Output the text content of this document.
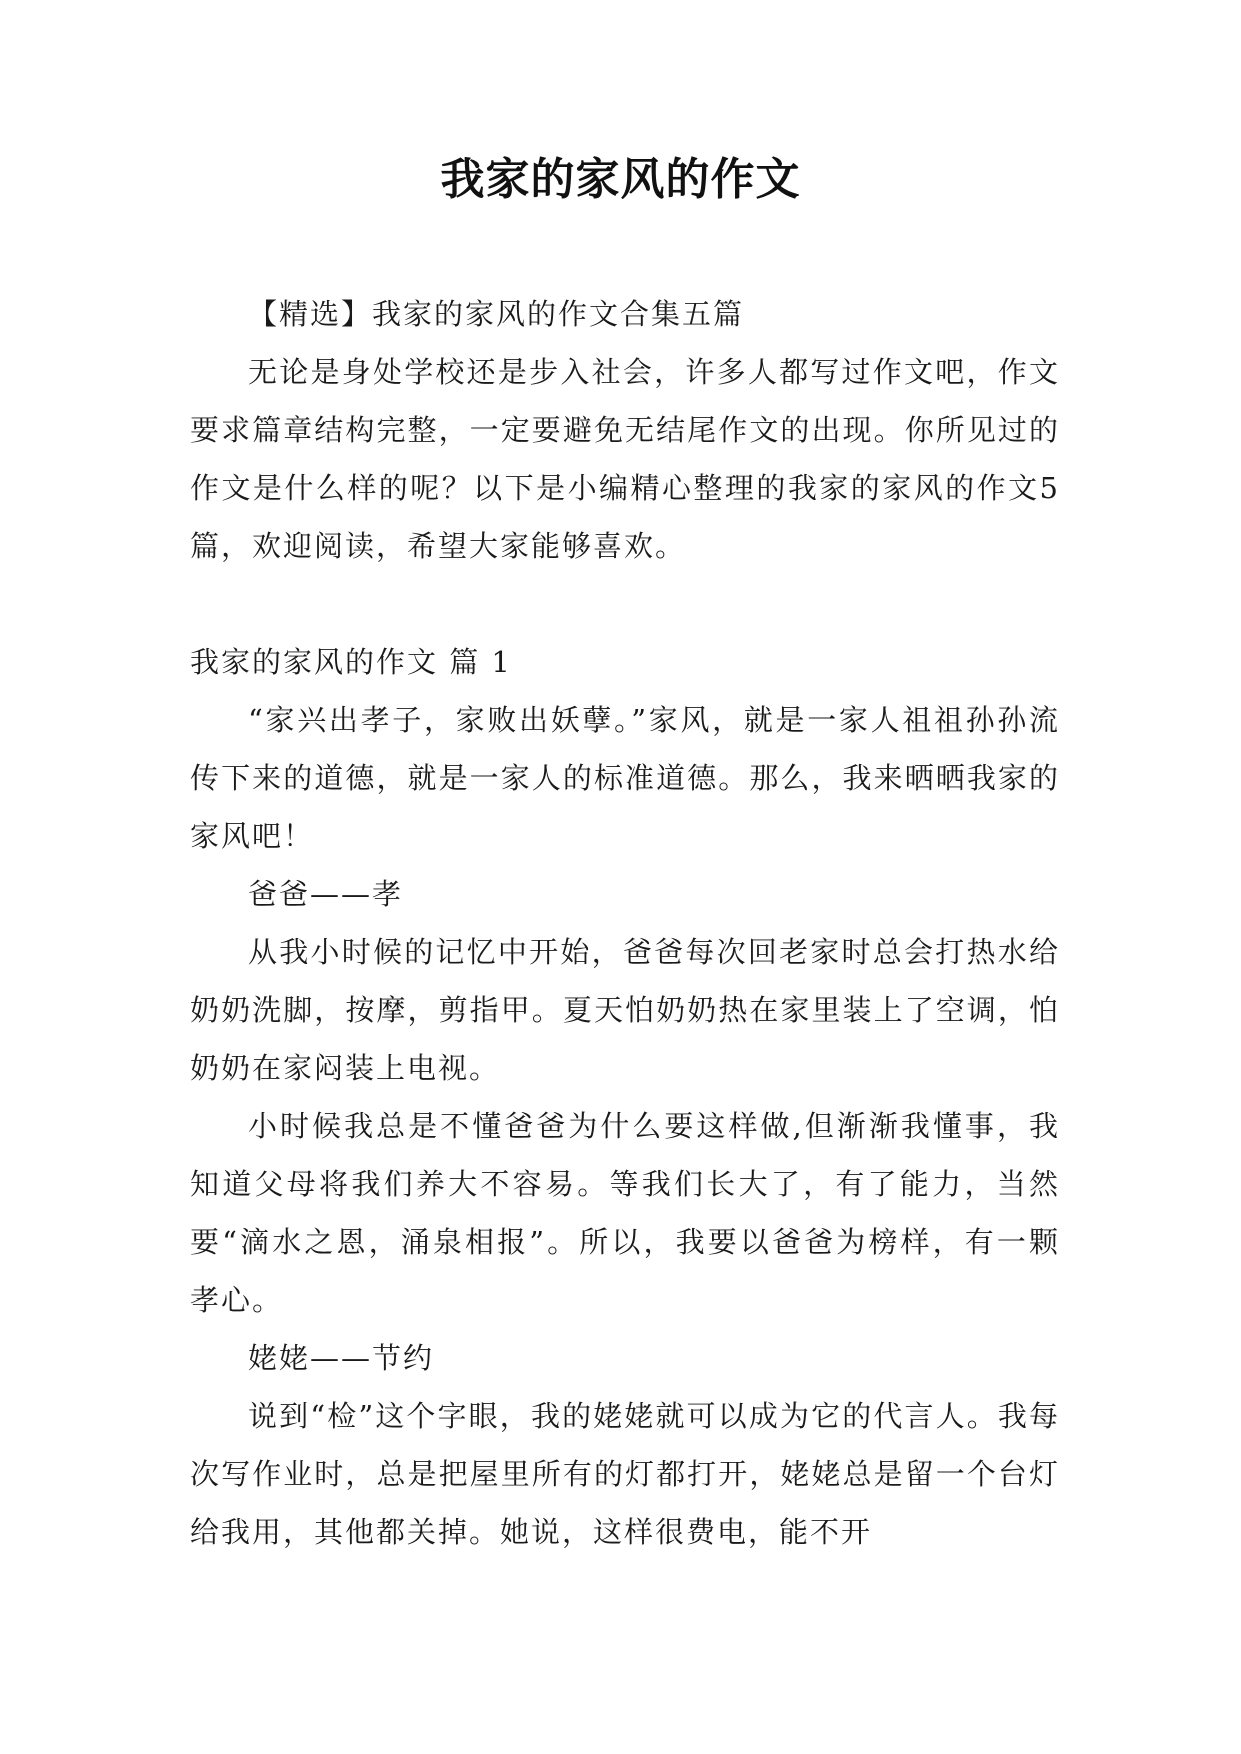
我家的家风的作文

【精选】我家的家风的作文合集五篇

无论是身处学校还是步入社会，许多人都写过作文吧，作文要求篇章结构完整，一定要避免无结尾作文的出现。你所见过的作文是什么样的呢？以下是小编精心整理的我家的家风的作文5篇，欢迎阅读，希望大家能够喜欢。

我家的家风的作文 篇 1

“家兴出孝子，家败出妖孽。”家风，就是一家人祖祖孙孙流传下来的道德，就是一家人的标准道德。那么，我来晒晒我家的家风吧！

爸爸——孝

从我小时候的记忆中开始，爸爸每次回老家时总会打热水给奶奶洗脚，按摩，剪指甲。夏天怕奶奶热在家里装上了空调，怕奶奶在家闷装上电视。

小时候我总是不懂爸爸为什么要这样做,但渐渐我懂事，我知道父母将我们养大不容易。等我们长大了，有了能力，当然要“滴水之恩，涌泉相报”。所以，我要以爸爸为榜样，有一颗孝心。

姥姥——节约

说到“检”这个字眼，我的姥姥就可以成为它的代言人。我每次写作业时，总是把屋里所有的灯都打开，姥姥总是留一个台灯给我用，其他都关掉。她说，这样很费电，能不开
